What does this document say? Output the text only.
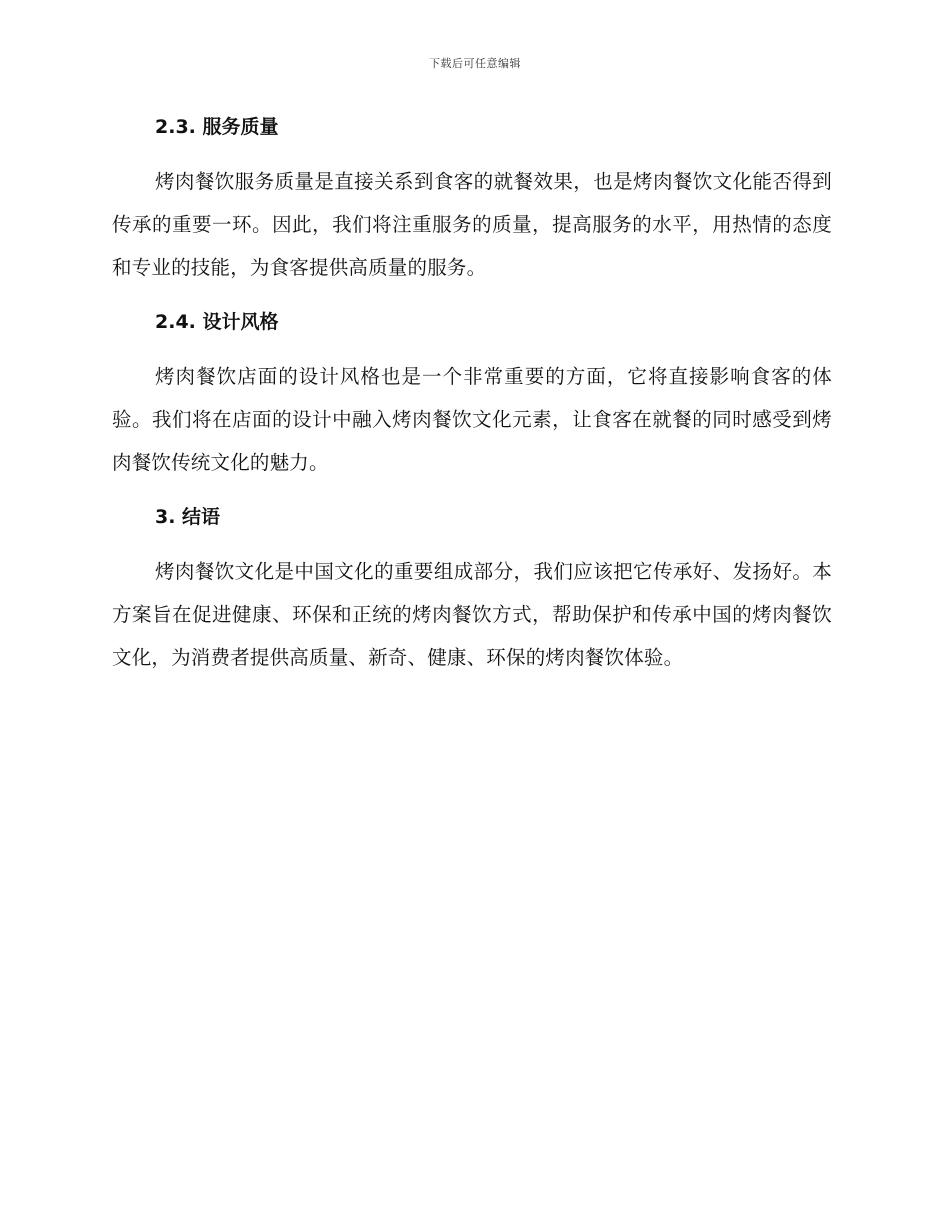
下载后可任意编辑
2.3. 服务质量

烤肉餐饮服务质量是直接关系到食客的就餐效果，也是烤肉餐饮文化能否得到传承的重要一环。因此，我们将注重服务的质量，提高服务的水平，用热情的态度和专业的技能，为食客提供高质量的服务。

2.4. 设计风格

烤肉餐饮店面的设计风格也是一个非常重要的方面，它将直接影响食客的体验。我们将在店面的设计中融入烤肉餐饮文化元素，让食客在就餐的同时感受到烤肉餐饮传统文化的魅力。

3. 结语

烤肉餐饮文化是中国文化的重要组成部分，我们应该把它传承好、发扬好。本方案旨在促进健康、环保和正统的烤肉餐饮方式，帮助保护和传承中国的烤肉餐饮文化，为消费者提供高质量、新奇、健康、环保的烤肉餐饮体验。
